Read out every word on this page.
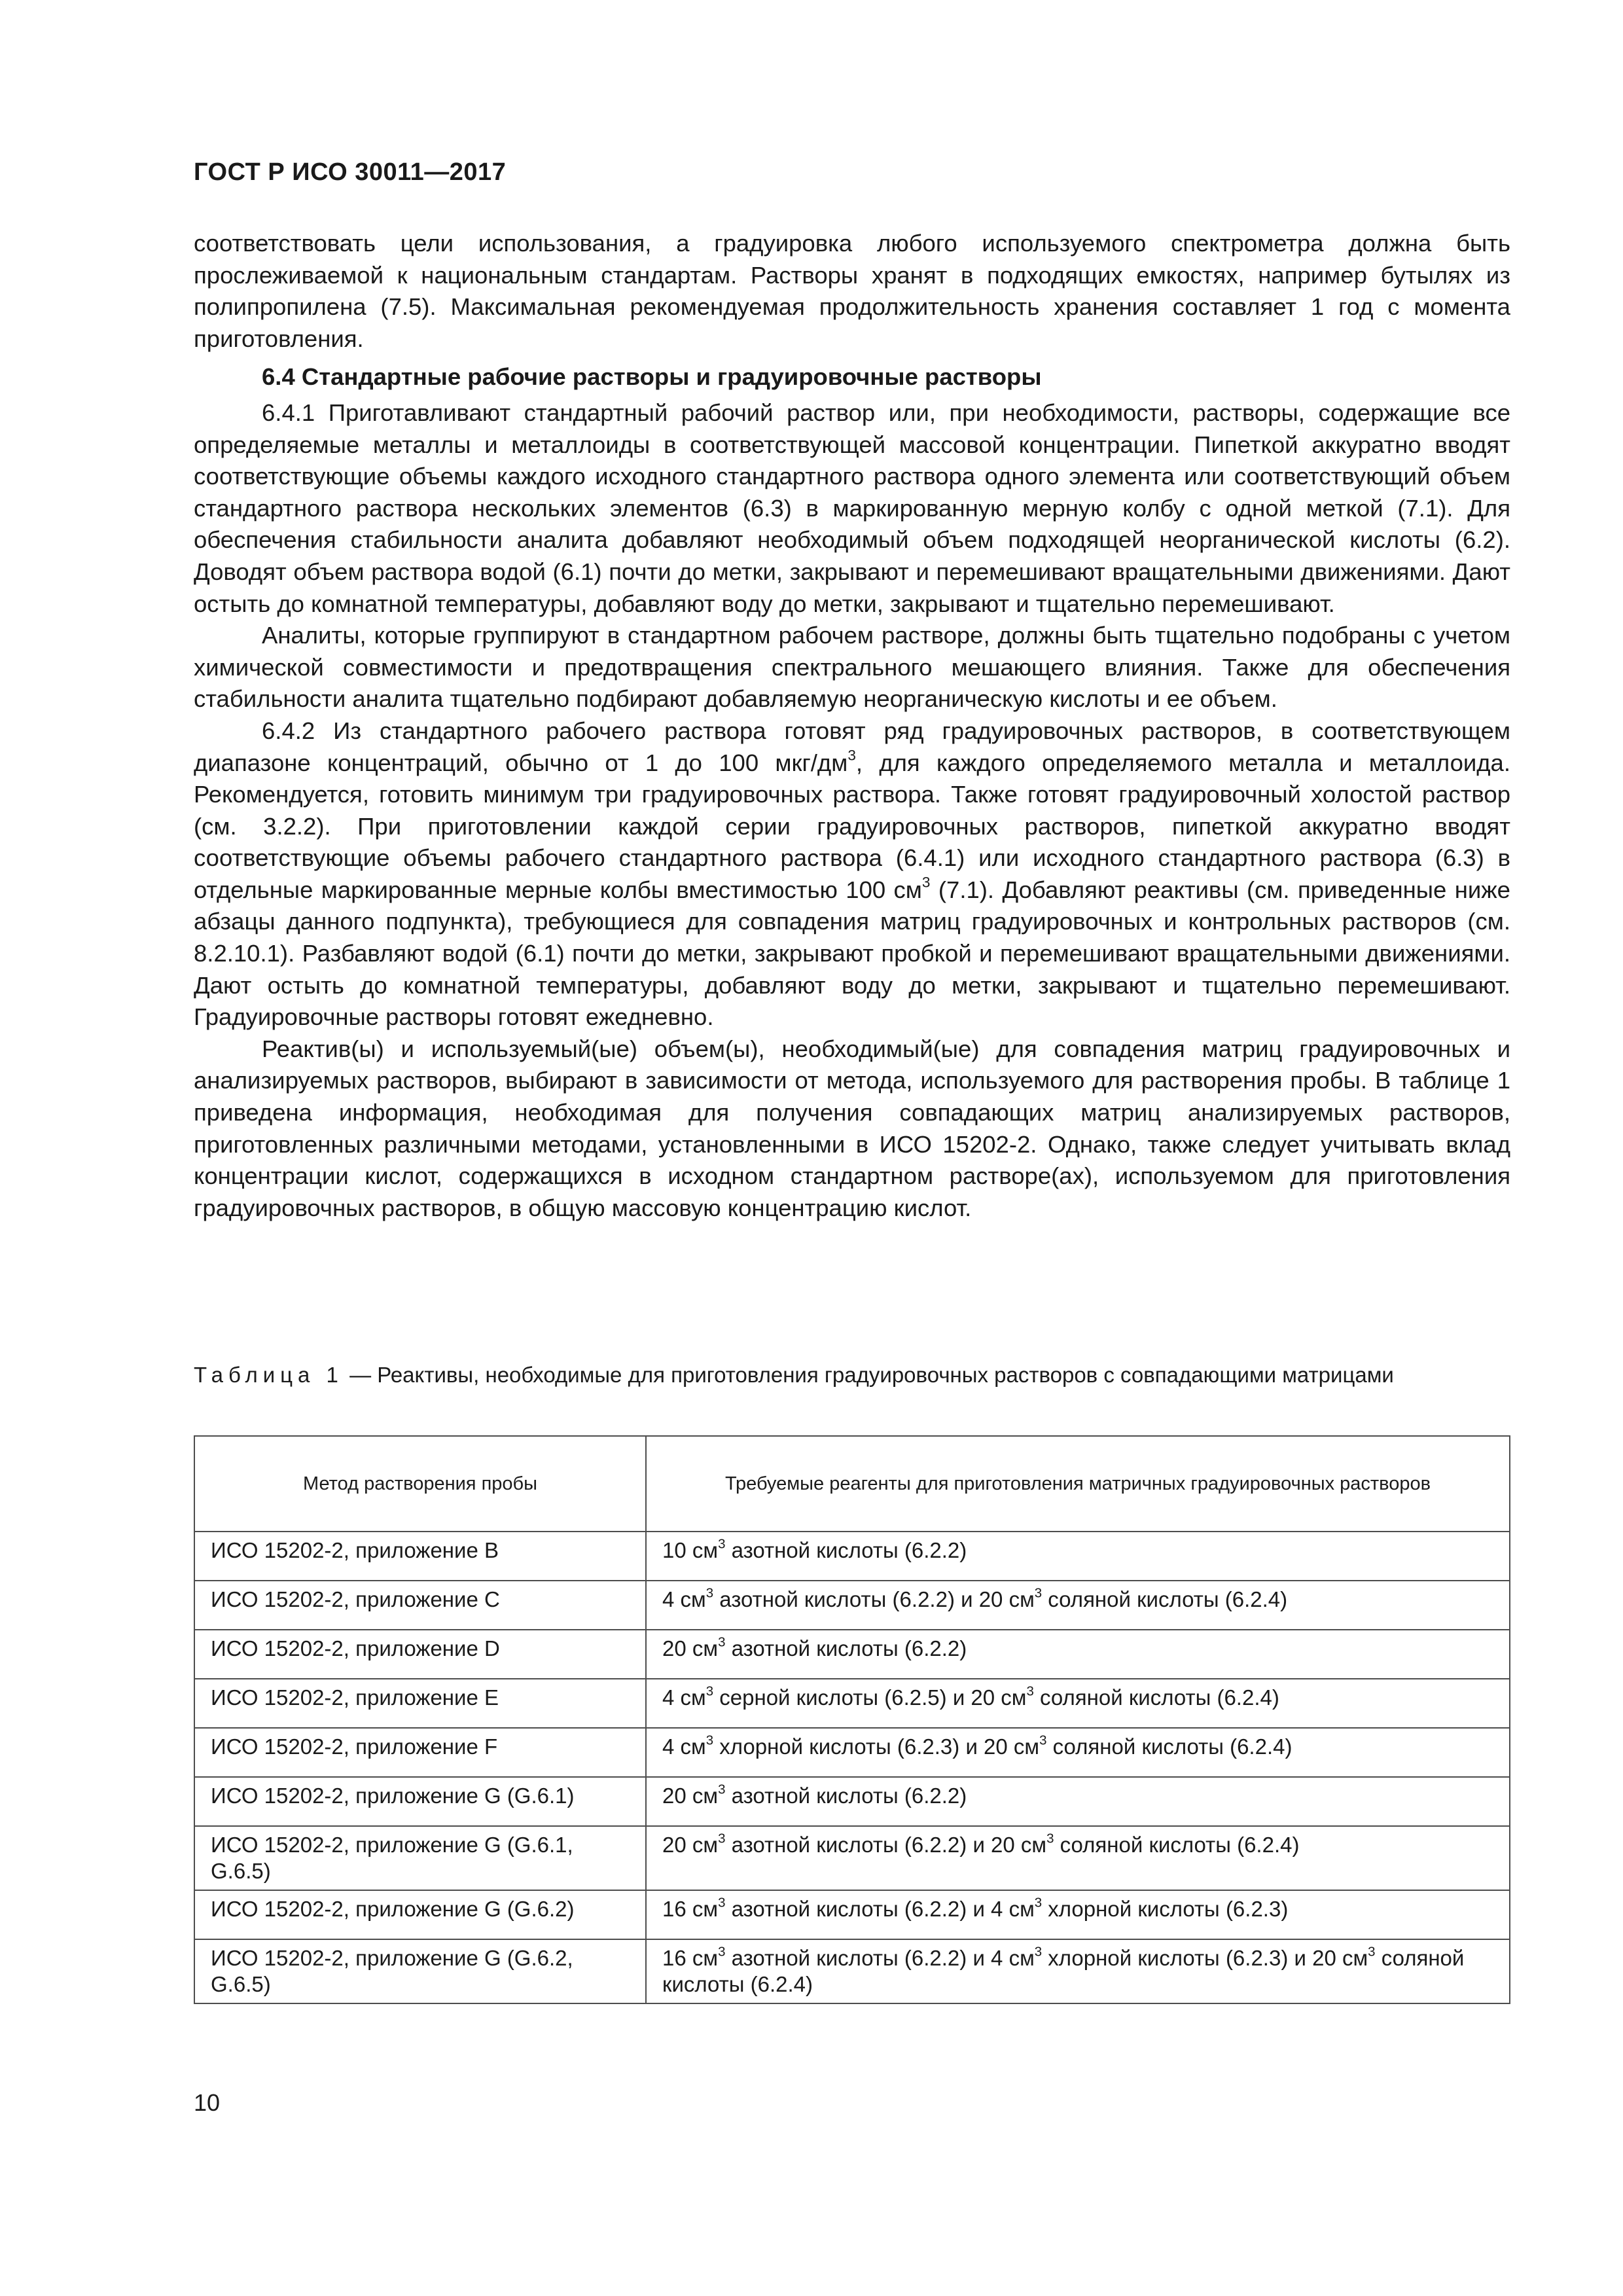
ГОСТ Р ИСО 30011—2017

соответствовать цели использования, а градуировка любого используемого спектрометра должна быть прослеживаемой к национальным стандартам. Растворы хранят в подходящих емкостях, например бутылях из полипропилена (7.5). Максимальная рекомендуемая продолжительность хранения составляет 1 год с момента приготовления.

6.4 Стандартные рабочие растворы и градуировочные растворы

6.4.1 Приготавливают стандартный рабочий раствор или, при необходимости, растворы, содержащие все определяемые металлы и металлоиды в соответствующей массовой концентрации. Пипеткой аккуратно вводят соответствующие объемы каждого исходного стандартного раствора одного элемента или соответствующий объем стандартного раствора нескольких элементов (6.3) в маркированную мерную колбу с одной меткой (7.1). Для обеспечения стабильности аналита добавляют необходимый объем подходящей неорганической кислоты (6.2). Доводят объем раствора водой (6.1) почти до метки, закрывают и перемешивают вращательными движениями. Дают остыть до комнатной температуры, добавляют воду до метки, закрывают и тщательно перемешивают.

Аналиты, которые группируют в стандартном рабочем растворе, должны быть тщательно подобраны с учетом химической совместимости и предотвращения спектрального мешающего влияния. Также для обеспечения стабильности аналита тщательно подбирают добавляемую неорганическую кислоты и ее объем.

6.4.2 Из стандартного рабочего раствора готовят ряд градуировочных растворов, в соответствующем диапазоне концентраций, обычно от 1 до 100 мкг/$дм^3$, для каждого определяемого металла и металлоида. Рекомендуется, готовить минимум три градуировочных раствора. Также готовят градуировочный холостой раствор (см. 3.2.2). При приготовлении каждой серии градуировочных растворов, пипеткой аккуратно вводят соответствующие объемы рабочего стандартного раствора (6.4.1) или исходного стандартного раствора (6.3) в отдельные маркированные мерные колбы вместимостью 100 $см^3$ (7.1). Добавляют реактивы (см. приведенные ниже абзацы данного подпункта), требующиеся для совпадения матриц градуировочных и контрольных растворов (см. 8.2.10.1). Разбавляют водой (6.1) почти до метки, закрывают пробкой и перемешивают вращательными движениями. Дают остыть до комнатной температуры, добавляют воду до метки, закрывают и тщательно перемешивают. Градуировочные растворы готовят ежедневно.

Реактив(ы) и используемый(ые) объем(ы), необходимый(ые) для совпадения матриц градуировочных и анализируемых растворов, выбирают в зависимости от метода, используемого для растворения пробы. В таблице 1 приведена информация, необходимая для получения совпадающих матриц анализируемых растворов, приготовленных различными методами, установленными в ИСО 15202-2. Однако, также следует учитывать вклад концентрации кислот, содержащихся в исходном стандартном растворе(ах), используемом для приготовления градуировочных растворов, в общую массовую концентрацию кислот.

Таблица 1 — Реактивы, необходимые для приготовления градуировочных растворов с совпадающими матрицами
Метод растворения пробы	Требуемые реагенты для приготовления матричных градуировочных растворов
ИСО 15202-2, приложение B	10 $см^3$ азотной кислоты (6.2.2)
ИСО 15202-2, приложение C	4 $см^3$ азотной кислоты (6.2.2) и 20 $см^3$ соляной кислоты (6.2.4)
ИСО 15202-2, приложение D	20 $см^3$ азотной кислоты (6.2.2)
ИСО 15202-2, приложение E	4 $см^3$ серной кислоты (6.2.5) и 20 $см^3$ соляной кислоты (6.2.4)
ИСО 15202-2, приложение F	4 $см^3$ хлорной кислоты (6.2.3) и 20 $см^3$ соляной кислоты (6.2.4)
ИСО 15202-2, приложение G (G.6.1)	20 $см^3$ азотной кислоты (6.2.2)
ИСО 15202-2, приложение G (G.6.1, G.6.5)	20 $см^3$ азотной кислоты (6.2.2) и 20 $см^3$ соляной кислоты (6.2.4)
ИСО 15202-2, приложение G (G.6.2)	16 $см^3$ азотной кислоты (6.2.2) и 4 $см^3$ хлорной кислоты (6.2.3)
ИСО 15202-2, приложение G (G.6.2, G.6.5)	16 $см^3$ азотной кислоты (6.2.2) и 4 $см^3$ хлорной кислоты (6.2.3) и 20 $см^3$ соляной кислоты (6.2.4)
10
